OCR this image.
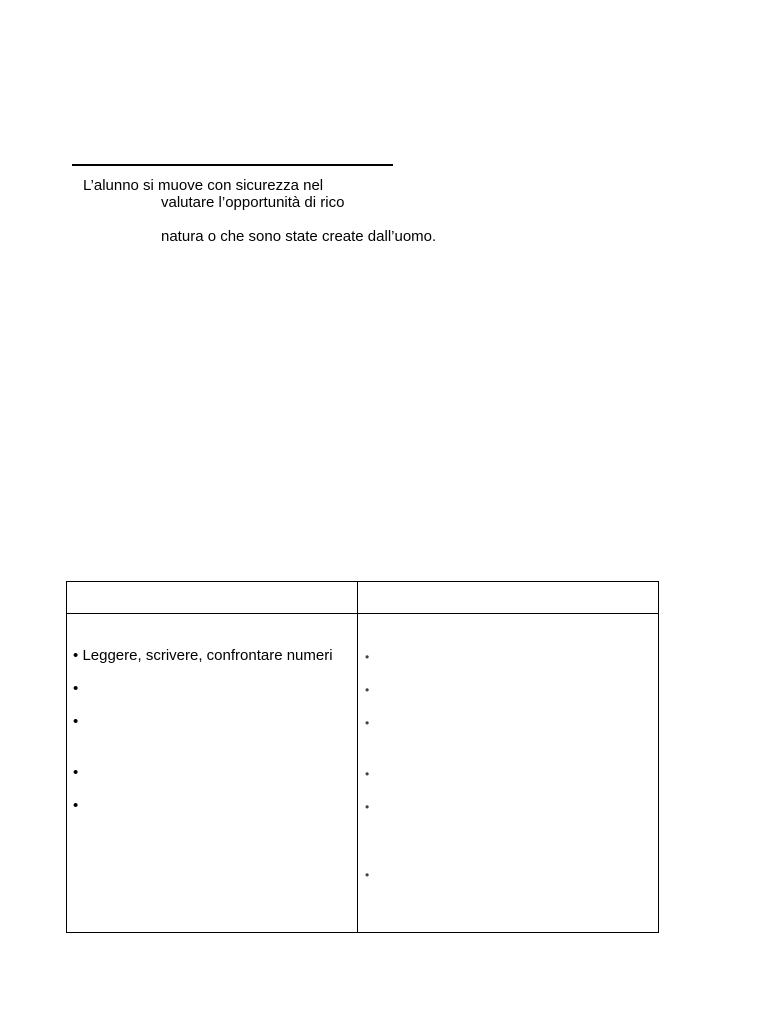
L’alunno si muove con sicurezza nel
valutare l’opportunità di rico
natura o che sono state create dall’uomo.
• Leggere, scrivere, confrontare numeri
•
•
•
•
•
•
•
•
•
•
